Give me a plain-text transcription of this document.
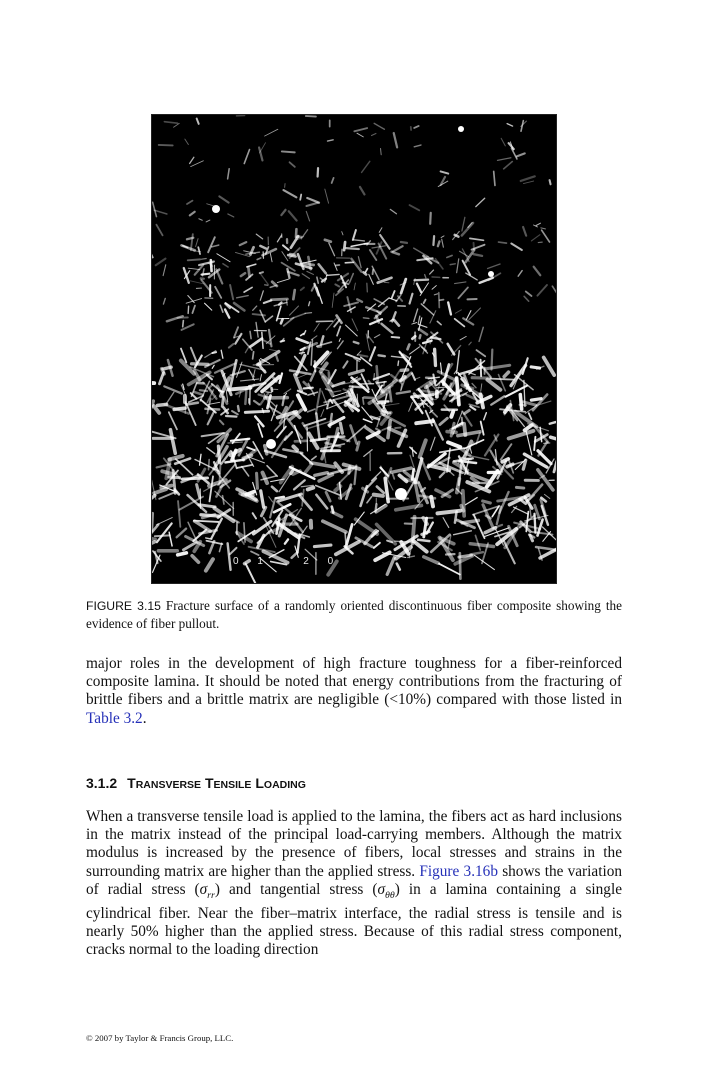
0 1   2 0
FIGURE 3.15 Fracture surface of a randomly oriented discontinuous fiber composite showing the evidence of fiber pullout.

major roles in the development of high fracture toughness for a fiber-reinforced composite lamina. It should be noted that energy contributions from the fracturing of brittle fibers and a brittle matrix are negligible (<10%) compared with those listed in Table 3.2.

3.1.2 TRANSVERSE TENSILE LOADING

When a transverse tensile load is applied to the lamina, the fibers act as hard inclusions in the matrix instead of the principal load-carrying members. Although the matrix modulus is increased by the presence of fibers, local stresses and strains in the surrounding matrix are higher than the applied stress. Figure 3.16b shows the variation of radial stress $(\sigma_{rr})$ and tangential stress $(\sigma_{\theta\theta})$ in a lamina containing a single cylindrical fiber. Near the fiber–matrix interface, the radial stress is tensile and is nearly 50% higher than the applied stress. Because of this radial stress component, cracks normal to the loading direction

© 2007 by Taylor & Francis Group, LLC.
